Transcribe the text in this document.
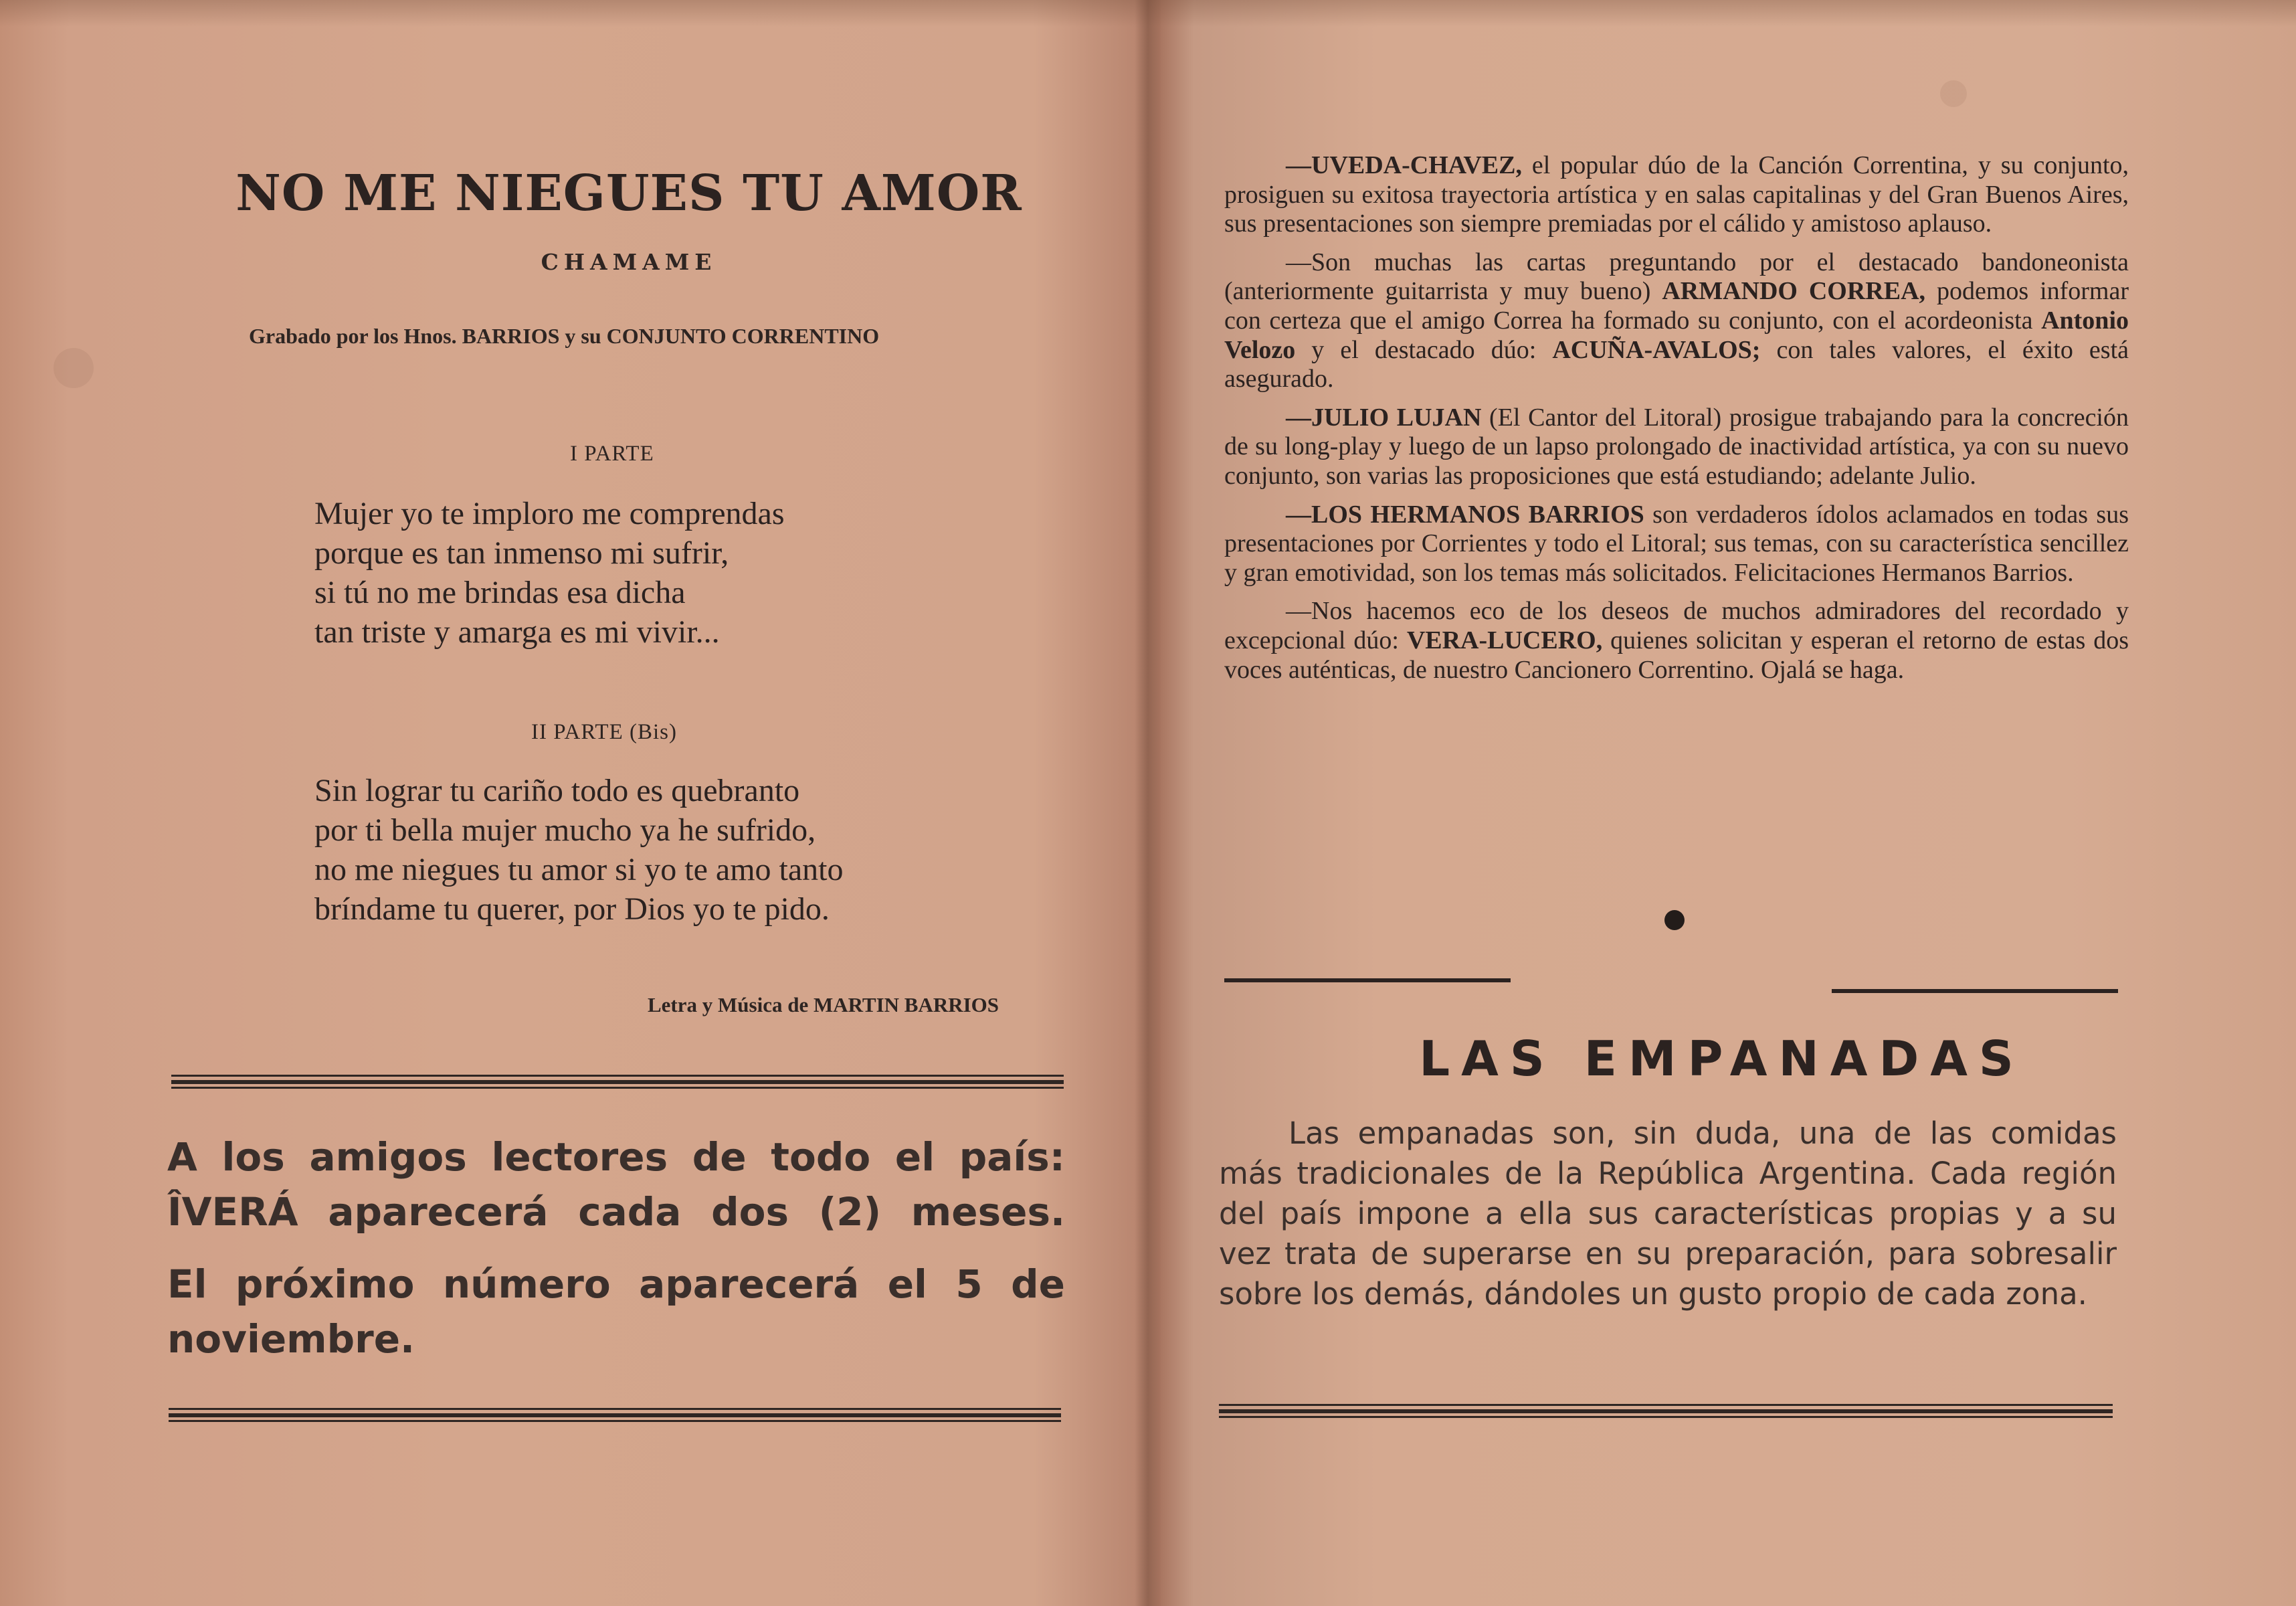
NO ME NIEGUES TU AMOR
CHAMAME
Grabado por los Hnos. BARRIOS y su CONJUNTO CORRENTINO
I PARTE
Mujer yo te imploro me comprendas
porque es tan inmenso mi sufrir,
si tú no me brindas esa dicha
tan triste y amarga es mi vivir...
II PARTE (Bis)
Sin lograr tu cariño todo es quebranto
por ti bella mujer mucho ya he sufrido,
no me niegues tu amor si yo te amo tanto
bríndame tu querer, por Dios yo te pido.
Letra y Música de MARTIN BARRIOS

A los amigos lectores de todo el país: ÎVERÁ aparecerá cada dos (2) meses.

El próximo número aparecerá el 5 de noviembre.

—UVEDA-CHAVEZ, el popular dúo de la Canción Correntina, y su conjunto, prosiguen su exitosa trayectoria artística y en salas capitalinas y del Gran Buenos Aires, sus presentaciones son siempre premiadas por el cálido y amistoso aplauso.

—Son muchas las cartas preguntando por el destacado bandoneonista (anteriormente guitarrista y muy bueno) ARMANDO CORREA, podemos informar con certeza que el amigo Correa ha formado su conjunto, con el acordeonista Antonio Velozo y el destacado dúo: ACUÑA-AVALOS; con tales valores, el éxito está asegurado.

—JULIO LUJAN (El Cantor del Litoral) prosigue trabajando para la concreción de su long-play y luego de un lapso prolongado de inactividad artística, ya con su nuevo conjunto, son varias las proposiciones que está estudiando; adelante Julio.

—LOS HERMANOS BARRIOS son verdaderos ídolos aclamados en todas sus presentaciones por Corrientes y todo el Litoral; sus temas, con su característica sencillez y gran emotividad, son los temas más solicitados. Felicitaciones Hermanos Barrios.

—Nos hacemos eco de los deseos de muchos admiradores del recordado y excepcional dúo: VERA-LUCERO, quienes solicitan y esperan el retorno de estas dos voces auténticas, de nuestro Cancionero Correntino. Ojalá se haga.

LAS EMPANADAS

Las empanadas son, sin duda, una de las comidas más tradicionales de la República Argentina. Cada región del país impone a ella sus características propias y a su vez trata de superarse en su preparación, para sobresalir sobre los demás, dándoles un gusto propio de cada zona.
